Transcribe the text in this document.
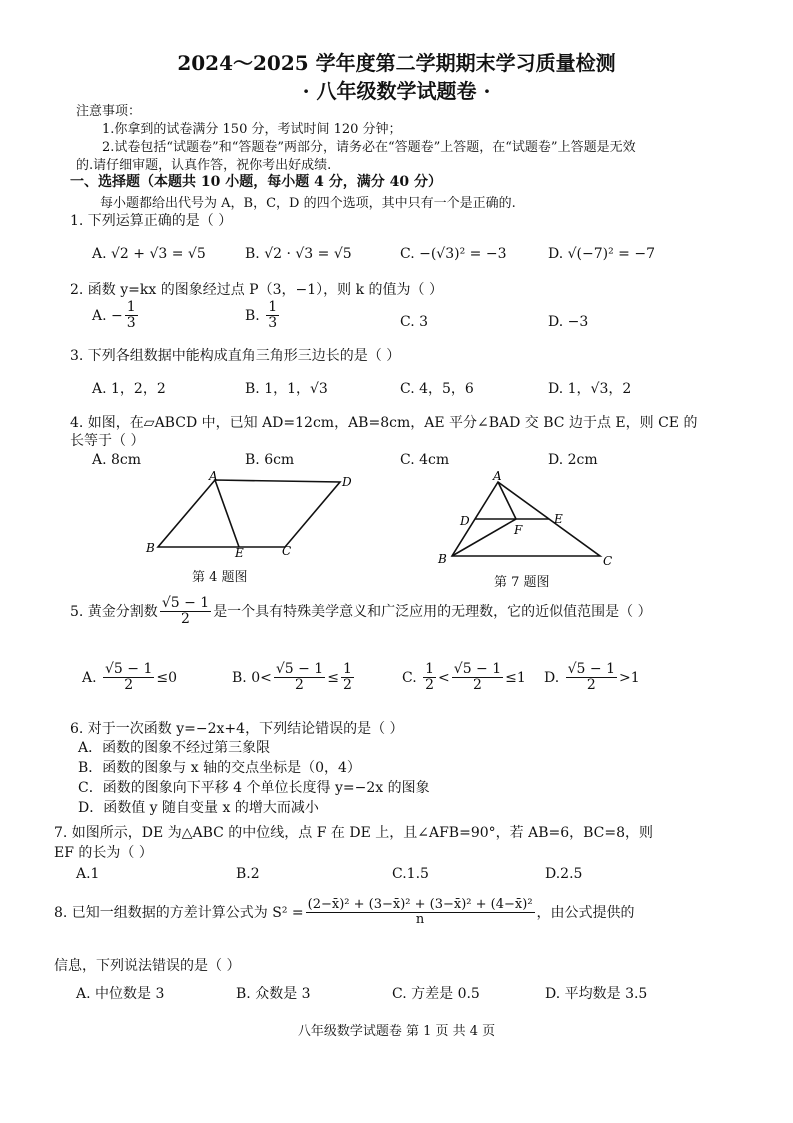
2024～2025 学年度第二学期期末学习质量检测
· 八年级数学试题卷 ·
注意事项：
1.你拿到的试卷满分 150 分，考试时间 120 分钟；
2.试卷包括“试题卷”和“答题卷”两部分，请务必在“答题卷”上答题，在“试题卷”上答题是无效
的.请仔细审题，认真作答，祝你考出好成绩.
一、选择题（本题共 10 小题，每小题 4 分，满分 40 分）
每小题都给出代号为 A，B，C，D 的四个选项，其中只有一个是正确的.
1. 下列运算正确的是（ ）
A. √2 + √3 = √5	B. √2 · √3 = √5	C. −(√3)² = −3	D. √(−7)² = −7
2. 函数 y=kx 的图象经过点 P（3，−1），则 k 的值为（ ）
A. − $\frac{1}{3}$	B. $\frac{1}{3}$	C. 3	D. −3
3. 下列各组数据中能构成直角三角形三边长的是（ ）
A. 1，2，2	B. 1，1，√3	C. 4，5，6	D. 1，√3，2
4. 如图，在▱ABCD 中，已知 AD=12cm，AB=8cm，AE 平分∠BAD 交 BC 边于点 E，则 CE 的
长等于（ ）
A. 8cm	B. 6cm	C. 4cm	D. 2cm
A	D
B	E	C
第 4 题图
A
D	E
F
B	C
第 7 题图
5. 黄金分割数 $\frac{√5 - 1}{2}$ 是一个具有特殊美学意义和广泛应用的无理数，它的近似值范围是（ ）
A. $\frac{√5 - 1}{2} \le 0$	B. $0< \frac{√5 - 1}{2} \le \frac{1}{2}$	C. $\frac{1}{2} < \frac{√5 - 1}{2} \le 1$ D. $\frac{√5 - 1}{2} >1$
6. 对于一次函数 y=−2x+4，下列结论错误的是（ ）
A．函数的图象不经过第三象限
B．函数的图象与 x 轴的交点坐标是（0，4）
C．函数的图象向下平移 4 个单位长度得 y=−2x 的图象
D．函数值 y 随自变量 x 的增大而减小
7. 如图所示，DE 为△ABC 的中位线，点 F 在 DE 上，且∠AFB=90°，若 AB=6，BC=8，则
EF 的长为（ ）
A.1	B.2	C.1.5	D.2.5
8. 已知一组数据的方差计算公式为 $S^2 = \frac{\text{(2−x̄)² + (3−x̄)² + (3−x̄)² + (4−x̄)²}}{n}$ ，由公式提供的
信息，下列说法错误的是（ ）
A. 中位数是 3	B. 众数是 3	C. 方差是 0.5	D. 平均数是 3.5
八年级数学试题卷 第 1 页 共 4 页
